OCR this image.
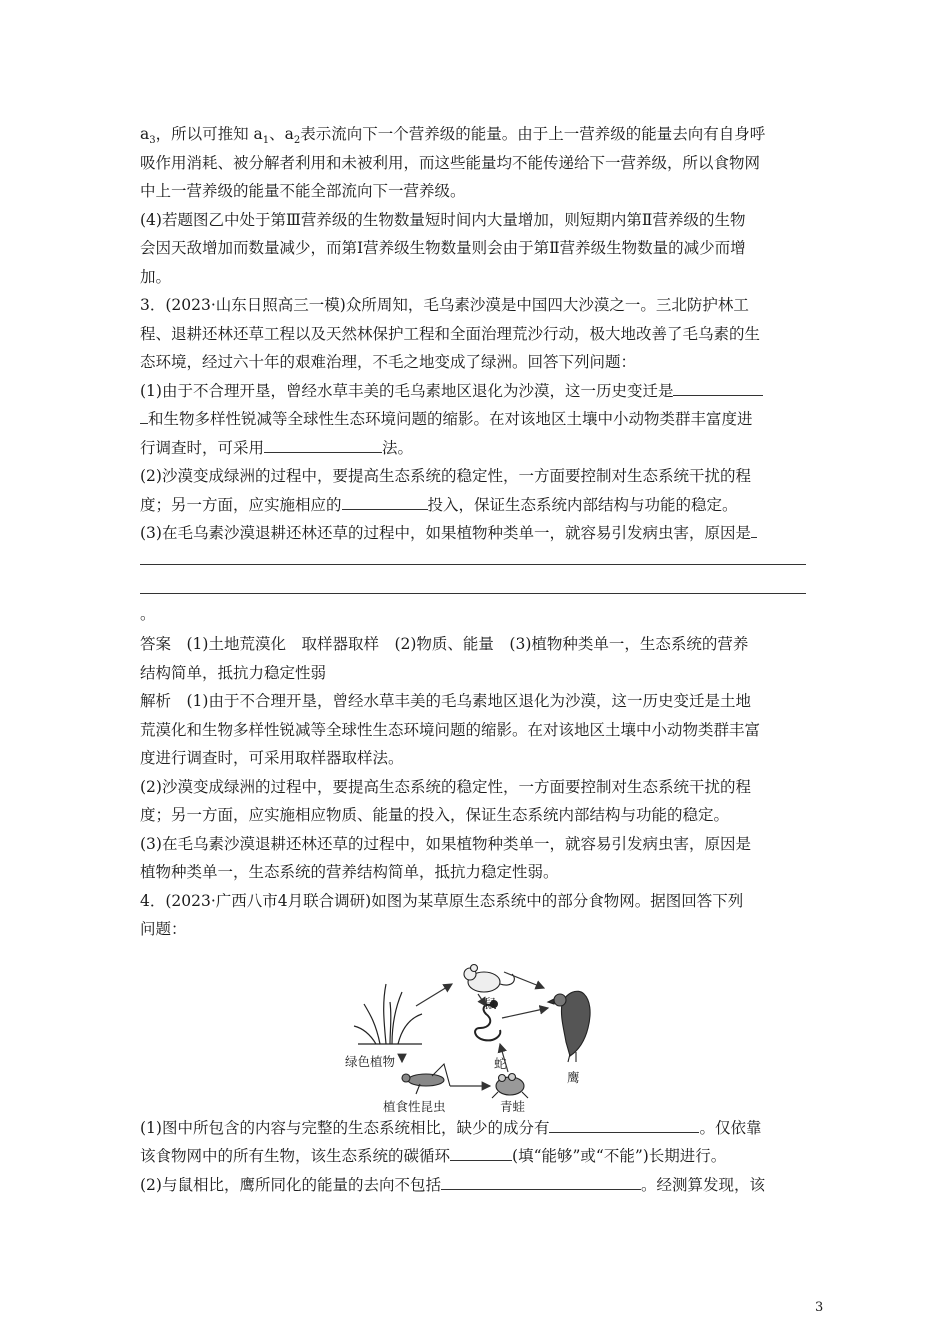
$a_3$，所以可推知 $a_1$、$a_2$表示流向下一个营养级的能量。由于上一营养级的能量去向有自身呼

吸作用消耗、被分解者利用和未被利用，而这些能量均不能传递给下一营养级，所以食物网

中上一营养级的能量不能全部流向下一营养级。

(4)若题图乙中处于第Ⅲ营养级的生物数量短时间内大量增加，则短期内第Ⅱ营养级的生物

会因天敌增加而数量减少，而第Ⅰ营养级生物数量则会由于第Ⅱ营养级生物数量的减少而增

加。

3．(2023·山东日照高三一模)众所周知，毛乌素沙漠是中国四大沙漠之一。三北防护林工

程、退耕还林还草工程以及天然林保护工程和全面治理荒沙行动，极大地改善了毛乌素的生

态环境，经过六十年的艰难治理，不毛之地变成了绿洲。回答下列问题：

(1)由于不合理开垦，曾经水草丰美的毛乌素地区退化为沙漠，这一历史变迁是

和生物多样性锐减等全球性生态环境问题的缩影。在对该地区土壤中小动物类群丰富度进

行调查时，可采用	法。

(2)沙漠变成绿洲的过程中，要提高生态系统的稳定性，一方面要控制对生态系统干扰的程

度；另一方面，应实施相应的	投入，保证生态系统内部结构与功能的稳定。

(3)在毛乌素沙漠退耕还林还草的过程中，如果植物种类单一，就容易引发病虫害，原因是

。

答案　(1)土地荒漠化　取样器取样　(2)物质、能量　(3)植物种类单一，生态系统的营养

结构简单，抵抗力稳定性弱

解析　(1)由于不合理开垦，曾经水草丰美的毛乌素地区退化为沙漠，这一历史变迁是土地

荒漠化和生物多样性锐减等全球性生态环境问题的缩影。在对该地区土壤中小动物类群丰富

度进行调查时，可采用取样器取样法。

(2)沙漠变成绿洲的过程中，要提高生态系统的稳定性，一方面要控制对生态系统干扰的程

度；另一方面，应实施相应物质、能量的投入，保证生态系统内部结构与功能的稳定。

(3)在毛乌素沙漠退耕还林还草的过程中，如果植物种类单一，就容易引发病虫害，原因是

植物种类单一，生态系统的营养结构简单，抵抗力稳定性弱。

4．(2023·广西八市4月联合调研)如图为某草原生态系统中的部分食物网。据图回答下列

问题：

鼠
绿色植物	蛇
鹰
植食性昆虫	青蛙

(1)图中所包含的内容与完整的生态系统相比，缺少的成分有	。仅依靠

该食物网中的所有生物，该生态系统的碳循环	(填“能够”或“不能”)长期进行。

(2)与鼠相比，鹰所同化的能量的去向不包括	。经测算发现，该

3
